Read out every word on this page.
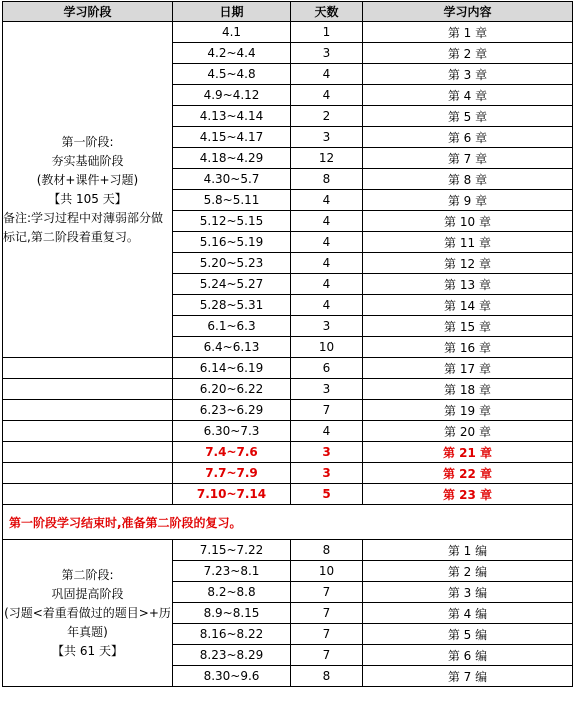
学习阶段	日期	天数	学习内容

第一阶段:
夯实基础阶段
(教材+课件+习题)
【共 105 天】
备注:学习过程中对薄弱部分做标记,第二阶段着重复习。	4.1	1	第 1 章
	4.2~4.4	3	第 2 章
	4.5~4.8	4	第 3 章
	4.9~4.12	4	第 4 章
	4.13~4.14	2	第 5 章
	4.15~4.17	3	第 6 章
	4.18~4.29	12	第 7 章
	4.30~5.7	8	第 8 章
	5.8~5.11	4	第 9 章
	5.12~5.15	4	第 10 章
	5.16~5.19	4	第 11 章
	5.20~5.23	4	第 12 章
	5.24~5.27	4	第 13 章
	5.28~5.31	4	第 14 章
	6.1~6.3	3	第 15 章
	6.4~6.13	10	第 16 章
	6.14~6.19	6	第 17 章
	6.20~6.22	3	第 18 章
	6.23~6.29	7	第 19 章
	6.30~7.3	4	第 20 章
	7.4~7.6	3	第 21 章
	7.7~7.9	3	第 22 章
	7.10~7.14	5	第 23 章
第一阶段学习结束时,准备第二阶段的复习。			

第二阶段:
巩固提高阶段
(习题<着重看做过的题目>+历年真题)
【共 61 天】	7.15~7.22	8	第 1 编
	7.23~8.1	10	第 2 编
	8.2~8.8	7	第 3 编
	8.9~8.15	7	第 4 编
	8.16~8.22	7	第 5 编
	8.23~8.29	7	第 6 编
	8.30~9.6	8	第 7 编
